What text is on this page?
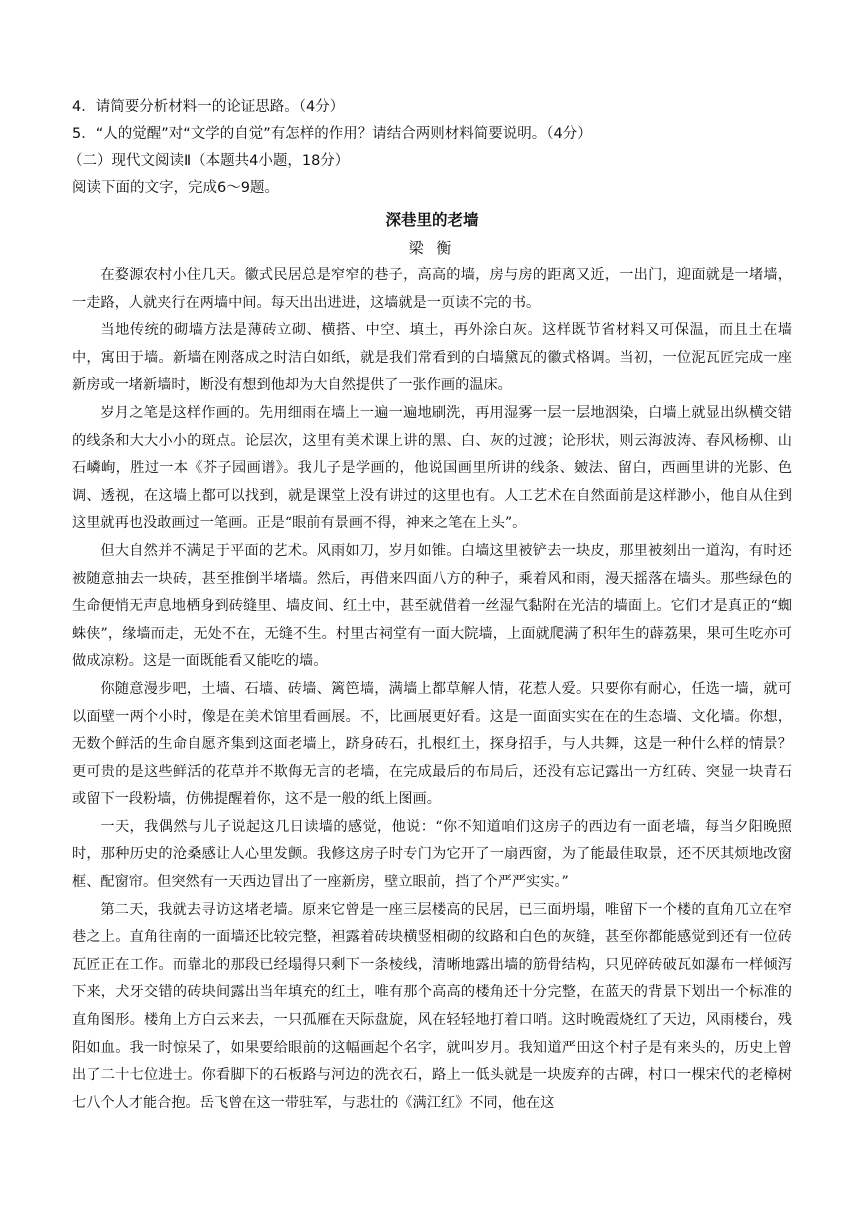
4．请简要分析材料一的论证思路。（4分）

5．“人的觉醒”对“文学的自觉”有怎样的作用？请结合两则材料简要说明。（4分）

（二）现代文阅读Ⅱ（本题共4小题，18分）

阅读下面的文字，完成6～9题。

深巷里的老墙

梁 衡

在婺源农村小住几天。徽式民居总是窄窄的巷子，高高的墙，房与房的距离又近，一出门，迎面就是一堵墙，一走路，人就夹行在两墙中间。每天出出进进，这墙就是一页读不完的书。

当地传统的砌墙方法是薄砖立砌、横搭、中空、填土，再外涂白灰。这样既节省材料又可保温，而且土在墙中，寓田于墙。新墙在刚落成之时洁白如纸，就是我们常看到的白墙黛瓦的徽式格调。当初，一位泥瓦匠完成一座新房或一堵新墙时，断没有想到他却为大自然提供了一张作画的温床。

岁月之笔是这样作画的。先用细雨在墙上一遍一遍地刷洗，再用湿雾一层一层地洇染，白墙上就显出纵横交错的线条和大大小小的斑点。论层次，这里有美术课上讲的黑、白、灰的过渡；论形状，则云海波涛、春风杨柳、山石嶙峋，胜过一本《芥子园画谱》。我儿子是学画的，他说国画里所讲的线条、皴法、留白，西画里讲的光影、色调、透视，在这墙上都可以找到，就是课堂上没有讲过的这里也有。人工艺术在自然面前是这样渺小，他自从住到这里就再也没敢画过一笔画。正是“眼前有景画不得，神来之笔在上头”。

但大自然并不满足于平面的艺术。风雨如刀，岁月如锥。白墙这里被铲去一块皮，那里被刻出一道沟，有时还被随意抽去一块砖，甚至推倒半堵墙。然后，再借来四面八方的种子，乘着风和雨，漫天摇落在墙头。那些绿色的生命便悄无声息地栖身到砖缝里、墙皮间、红土中，甚至就借着一丝湿气黏附在光洁的墙面上。它们才是真正的“蜘蛛侠”，缘墙而走，无处不在，无缝不生。村里古祠堂有一面大院墙，上面就爬满了积年生的薜荔果，果可生吃亦可做成凉粉。这是一面既能看又能吃的墙。

你随意漫步吧，土墙、石墙、砖墙、篱笆墙，满墙上都草解人情，花惹人爱。只要你有耐心，任选一墙，就可以面壁一两个小时，像是在美术馆里看画展。不，比画展更好看。这是一面面实实在在的生态墙、文化墙。你想，无数个鲜活的生命自愿齐集到这面老墙上，跻身砖石，扎根红土，探身招手，与人共舞，这是一种什么样的情景？更可贵的是这些鲜活的花草并不欺侮无言的老墙，在完成最后的布局后，还没有忘记露出一方红砖、突显一块青石或留下一段粉墙，仿佛提醒着你，这不是一般的纸上图画。

一天，我偶然与儿子说起这几日读墙的感觉，他说：“你不知道咱们这房子的西边有一面老墙，每当夕阳晚照时，那种历史的沧桑感让人心里发颤。我修这房子时专门为它开了一扇西窗，为了能最佳取景，还不厌其烦地改窗框、配窗帘。但突然有一天西边冒出了一座新房，壁立眼前，挡了个严严实实。”

第二天，我就去寻访这堵老墙。原来它曾是一座三层楼高的民居，已三面坍塌，唯留下一个楼的直角兀立在窄巷之上。直角往南的一面墙还比较完整，袒露着砖块横竖相砌的纹路和白色的灰缝，甚至你都能感觉到还有一位砖瓦匠正在工作。而靠北的那段已经塌得只剩下一条棱线，清晰地露出墙的筋骨结构，只见碎砖破瓦如瀑布一样倾泻下来，犬牙交错的砖块间露出当年填充的红土，唯有那个高高的楼角还十分完整，在蓝天的背景下划出一个标准的直角图形。楼角上方白云来去，一只孤雁在天际盘旋，风在轻轻地打着口哨。这时晚霞烧红了天边，风雨楼台，残阳如血。我一时惊呆了，如果要给眼前的这幅画起个名字，就叫岁月。我知道严田这个村子是有来头的，历史上曾出了二十七位进士。你看脚下的石板路与河边的洗衣石，路上一低头就是一块废弃的古碑，村口一棵宋代的老樟树七八个人才能合抱。岳飞曾在这一带驻军，与悲壮的《满江红》不同，他在这
